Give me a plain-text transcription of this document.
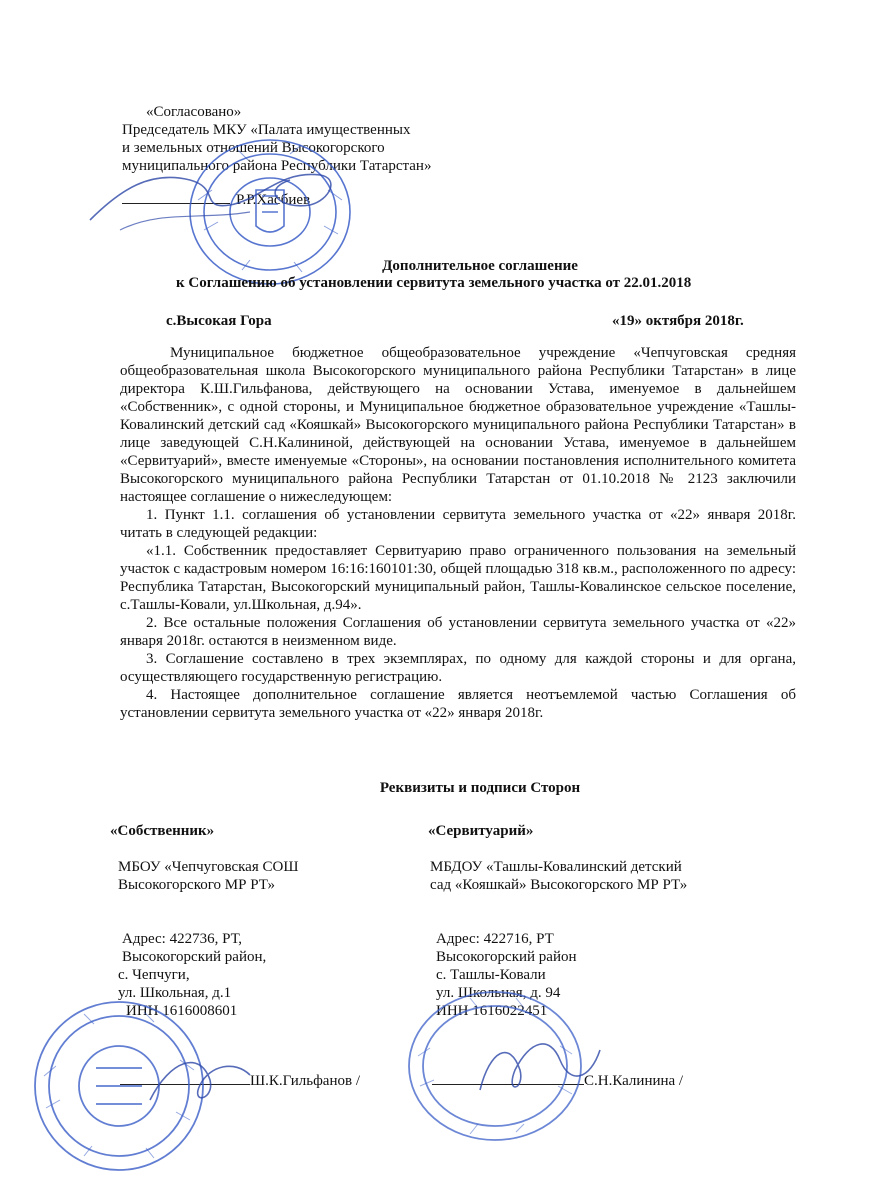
«Согласовано»
Председатель МКУ «Палата имущественных
и земельных отношений Высокогорского
муниципального района Республики Татарстан»
Р.Р.Хасбиев
Дополнительное соглашение
к Соглашению об установлении сервитута земельного участка от 22.01.2018
с.Высокая Гора	«19» октября 2018г.

Муниципальное бюджетное общеобразовательное учреждение «Чепчуговская средняя общеобразовательная школа Высокогорского муниципального района Республики Татарстан» в лице директора К.Ш.Гильфанова, действующего на основании Устава, именуемое в дальнейшем «Собственник», с одной стороны, и Муниципальное бюджетное образовательное учреждение «Ташлы-Ковалинский детский сад «Кояшкай» Высокогорского муниципального района Республики Татарстан» в лице заведующей С.Н.Калининой, действующей на основании Устава, именуемое в дальнейшем «Сервитуарий», вместе именуемые «Стороны», на основании постановления исполнительного комитета Высокогорского муниципального района Республики Татарстан от 01.10.2018 № 2123 заключили настоящее соглашение о нижеследующем:

1. Пункт 1.1. соглашения об установлении сервитута земельного участка от «22» января 2018г. читать в следующей редакции:

«1.1. Собственник предоставляет Сервитуарию право ограниченного пользования на земельный участок с кадастровым номером 16:16:160101:30, общей площадью 318 кв.м., расположенного по адресу: Республика Татарстан, Высокогорский муниципальный район, Ташлы-Ковалинское сельское поселение, с.Ташлы-Ковали, ул.Школьная, д.94».

2. Все остальные положения Соглашения об установлении сервитута земельного участка от «22» января 2018г. остаются в неизменном виде.

3. Соглашение составлено в трех экземплярах, по одному для каждой стороны и для органа, осуществляющего государственную регистрацию.

4. Настоящее дополнительное соглашение является неотъемлемой частью Соглашения об установлении сервитута земельного участка от «22» января 2018г.

Реквизиты и подписи Сторон
«Собственник»
МБОУ «Чепчуговская СОШ
Высокогорского МР РТ»
Адрес: 422736, РТ,
Высокогорский район,
с. Чепчуги,
ул. Школьная, д.1
ИНН 1616008601
Ш.К.Гильфанов /
«Сервитуарий»
МБДОУ «Ташлы-Ковалинский детский
сад «Кояшкай» Высокогорского МР РТ»
Адрес: 422716, РТ
Высокогорский район
с. Ташлы-Ковали
ул. Школьная, д. 94
ИНН 1616022451
С.Н.Калинина /
